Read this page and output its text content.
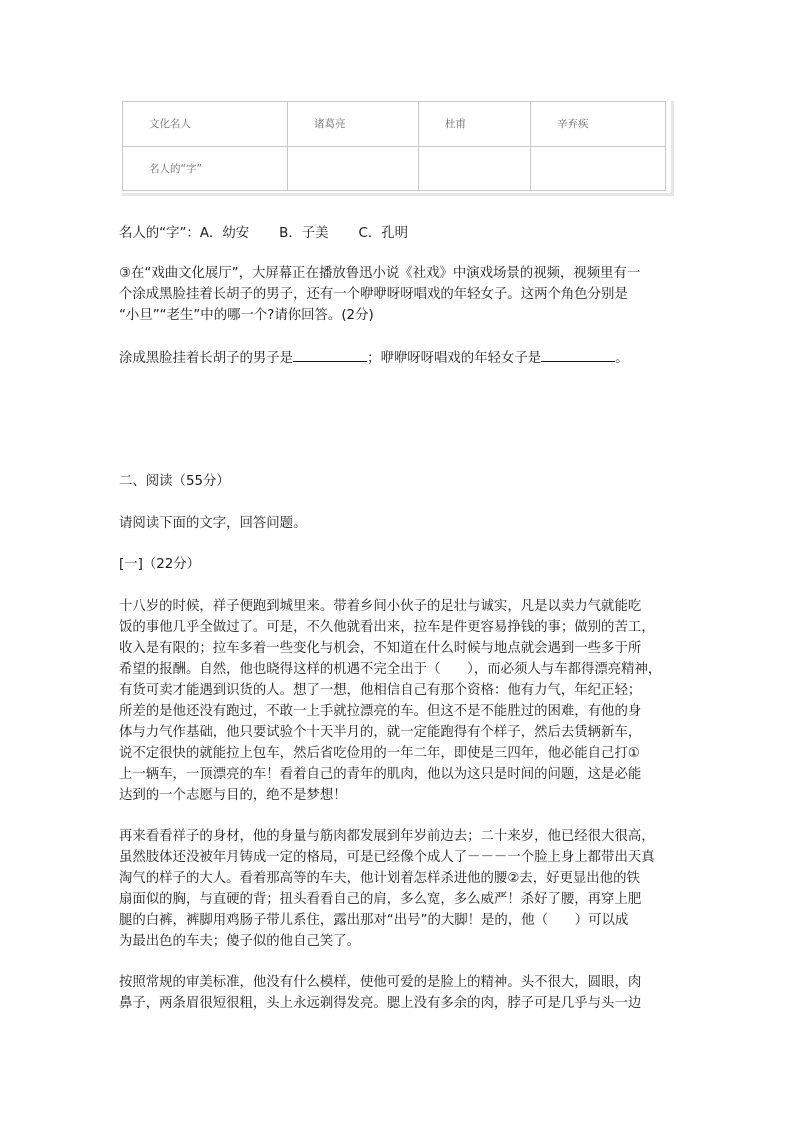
文化名人	诸葛亮	杜甫	辛弃疾
名人的“字”			

名人的“字”：A．幼安 B．子美 C．孔明

③在“戏曲文化展厅”，大屏幕正在播放鲁迅小说《社戏》中演戏场景的视频，视频里有一

个涂成黑脸挂着长胡子的男子，还有一个咿咿呀呀唱戏的年轻女子。这两个角色分别是

“小旦”“老生”中的哪一个?请你回答。(2分)

涂成黑脸挂着长胡子的男子是	；咿咿呀呀唱戏的年轻女子是	。

二、阅读（55分）

请阅读下面的文字，回答问题。

[一]（22分）

十八岁的时候，祥子便跑到城里来。带着乡间小伙子的足壮与诚实，凡是以卖力气就能吃

饭的事他几乎全做过了。可是，不久他就看出来，拉车是件更容易挣钱的事；做别的苦工，

收入是有限的；拉车多着一些变化与机会，不知道在什么时候与地点就会遇到一些多于所

希望的报酬。自然，他也晓得这样的机遇不完全出于（　　），而必须人与车都得漂亮精神，

有货可卖才能遇到识货的人。想了一想，他相信自己有那个资格：他有力气，年纪正轻；

所差的是他还没有跑过，不敢一上手就拉漂亮的车。但这不是不能胜过的困难，有他的身

体与力气作基础，他只要试验个十天半月的，就一定能跑得有个样子，然后去赁辆新车，

说不定很快的就能拉上包车，然后省吃俭用的一年二年，即使是三四年，他必能自己打①

上一辆车，一顶漂亮的车！看着自己的青年的肌肉，他以为这只是时间的问题，这是必能

达到的一个志愿与目的，绝不是梦想！

再来看看祥子的身材，他的身量与筋肉都发展到年岁前边去；二十来岁，他已经很大很高，

虽然肢体还没被年月铸成一定的格局，可是已经像个成人了－－－一个脸上身上都带出天真

淘气的样子的大人。看着那高等的车夫，他计划着怎样杀进他的腰②去，好更显出他的铁

扇面似的胸，与直硬的背；扭头看看自己的肩，多么宽，多么威严！杀好了腰，再穿上肥

腿的白裤，裤脚用鸡肠子带儿系住，露出那对“出号”的大脚！是的，他（　　）可以成

为最出色的车夫；傻子似的他自己笑了。

按照常规的审美标准，他没有什么模样，使他可爱的是脸上的精神。头不很大，圆眼，肉

鼻子，两条眉很短很粗，头上永远剃得发亮。腮上没有多余的肉，脖子可是几乎与头一边
